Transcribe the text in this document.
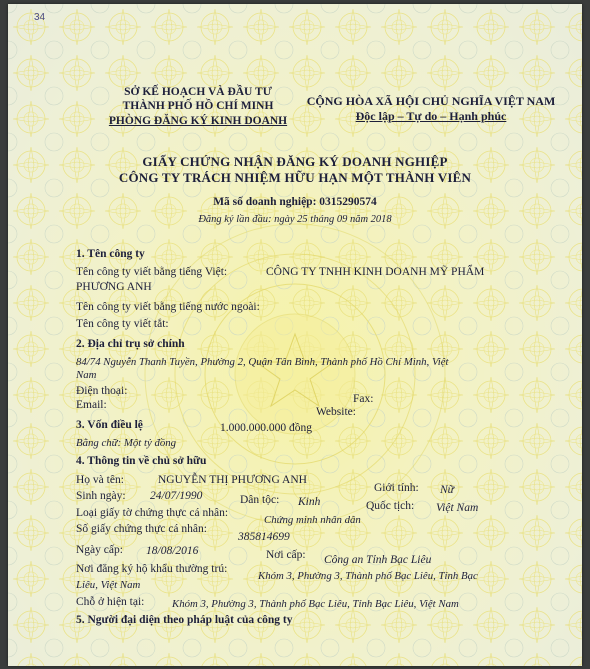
34
SỞ KẾ HOẠCH VÀ ĐẦU TƯ
THÀNH PHỐ HỒ CHÍ MINH
PHÒNG ĐĂNG KÝ KINH DOANH
CỘNG HÒA XÃ HỘI CHỦ NGHĨA VIỆT NAM
Độc lập – Tự do – Hạnh phúc
GIẤY CHỨNG NHẬN ĐĂNG KÝ DOANH NGHIỆP
CÔNG TY TRÁCH NHIỆM HỮU HẠN MỘT THÀNH VIÊN
Mã số doanh nghiệp: 0315290574
Đăng ký lần đầu: ngày 25 tháng 09 năm 2018
1. Tên công ty
Tên công ty viết bằng tiếng Việt:	CÔNG TY TNHH KINH DOANH MỸ PHẨM
PHƯƠNG ANH
Tên công ty viết bằng tiếng nước ngoài:
Tên công ty viết tắt:
2. Địa chỉ trụ sở chính
84/74 Nguyễn Thanh Tuyền, Phường 2, Quận Tân Bình, Thành phố Hồ Chí Minh, Việt
Nam
Điện thoại:
Fax:
Email:
Website:
3. Vốn điều lệ	1.000.000.000 đồng
Bằng chữ: Một tỷ đồng
4. Thông tin về chủ sở hữu
Họ và tên:	NGUYỄN THỊ PHƯƠNG ANH
Giới tính: Nữ
Sinh ngày: 24/07/1990	Dân tộc: Kinh	Quốc tịch: Việt Nam
Loại giấy tờ chứng thực cá nhân:
Chứng minh nhân dân
Số giấy chứng thực cá nhân:
385814699
Ngày cấp: 18/08/2016	Nơi cấp: Công an Tỉnh Bạc Liêu
Nơi đăng ký hộ khẩu thường trú:
Khóm 3, Phường 3, Thành phố Bạc Liêu, Tỉnh Bạc
Liêu, Việt Nam
Chỗ ở hiện tại:	Khóm 3, Phường 3, Thành phố Bạc Liêu, Tỉnh Bạc Liêu, Việt Nam
5. Người đại diện theo pháp luật của công ty
